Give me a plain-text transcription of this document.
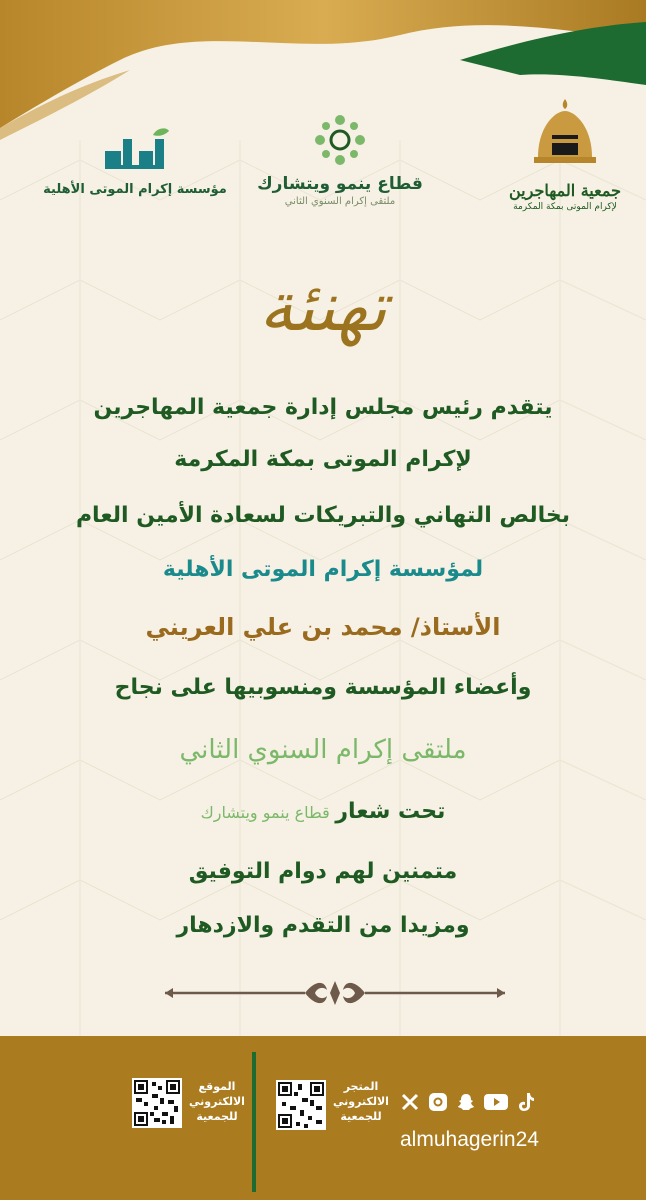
مؤسسة إكرام الموتى الأهلية	قطاع ينمو ويتشارك
ملتقى إكرام السنوي الثاني
جمعية المهاجرين
لإكرام الموتى بمكة المكرمة
تهنئة

يتقدم رئيس مجلس إدارة جمعية المهاجرين

لإكرام الموتى بمكة المكرمة

بخالص التهاني والتبريكات لسعادة الأمين العام

لمؤسسة إكرام الموتى الأهلية

الأستاذ/ محمد بن علي العريني

وأعضاء المؤسسة ومنسوبيها على نجاح

ملتقى إكرام السنوي الثاني

تحت شعار قطاع ينمو ويتشارك

متمنين لهم دوام التوفيق

ومزيدا من التقدم والازدهار

الموقع
الالكتروني
للجمعية
المتجر
الالكتروني
للجمعية
almuhagerin24
